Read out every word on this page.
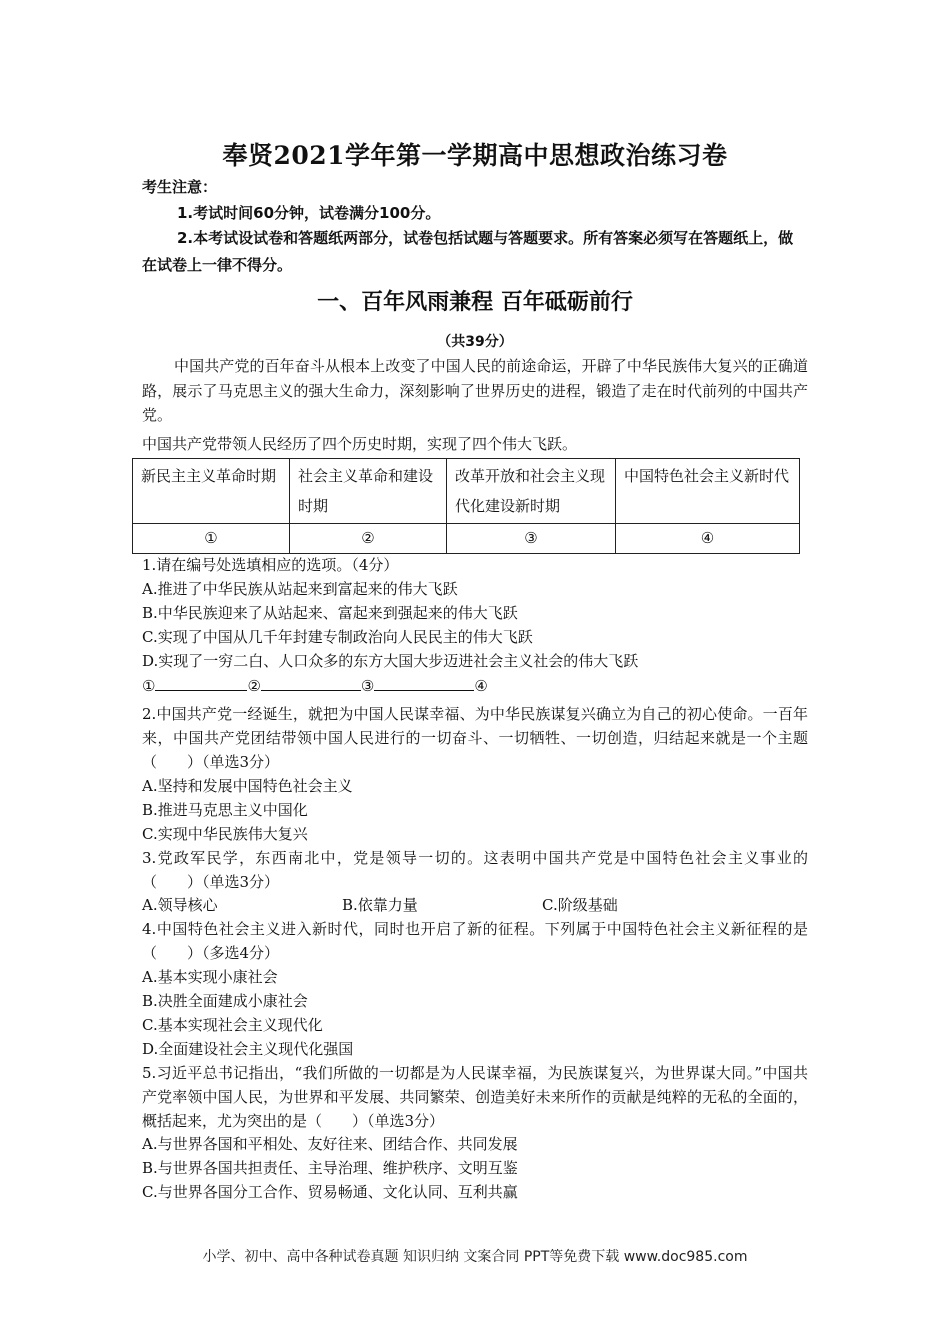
奉贤2021学年第一学期高中思想政治练习卷
考生注意：
1.考试时间60分钟，试卷满分100分。
2.本考试设试卷和答题纸两部分，试卷包括试题与答题要求。所有答案必须写在答题纸上，做在试卷上一律不得分。
一、百年风雨兼程 百年砥砺前行
（共39分）
中国共产党的百年奋斗从根本上改变了中国人民的前途命运，开辟了中华民族伟大复兴的正确道路，展示了马克思主义的强大生命力，深刻影响了世界历史的进程，锻造了走在时代前列的中国共产党。
中国共产党带领人民经历了四个历史时期，实现了四个伟大飞跃。
新民主主义革命时期	社会主义革命和建设时期	改革开放和社会主义现代化建设新时期	中国特色社会主义新时代
①	②	③	④
1.请在编号处选填相应的选项。（4分）
A.推进了中华民族从站起来到富起来的伟大飞跃
B.中华民族迎来了从站起来、富起来到强起来的伟大飞跃
C.实现了中国从几千年封建专制政治向人民民主的伟大飞跃
D.实现了一穷二白、人口众多的东方大国大步迈进社会主义社会的伟大飞跃
①	②	③	④
2.中国共产党一经诞生，就把为中国人民谋幸福、为中华民族谋复兴确立为自己的初心使命。一百年来，中国共产党团结带领中国人民进行的一切奋斗、一切牺牲、一切创造，归结起来就是一个主题（　　）（单选3分）
A.坚持和发展中国特色社会主义
B.推进马克思主义中国化
C.实现中华民族伟大复兴
3.党政军民学，东西南北中，党是领导一切的。这表明中国共产党是中国特色社会主义事业的（　　）（单选3分）
A.领导核心	B.依靠力量	C.阶级基础
4.中国特色社会主义进入新时代，同时也开启了新的征程。下列属于中国特色社会主义新征程的是（　　）（多选4分）
A.基本实现小康社会
B.决胜全面建成小康社会
C.基本实现社会主义现代化
D.全面建设社会主义现代化强国
5.习近平总书记指出，“我们所做的一切都是为人民谋幸福，为民族谋复兴，为世界谋大同。”中国共产党率领中国人民，为世界和平发展、共同繁荣、创造美好未来所作的贡献是纯粹的无私的全面的，概括起来，尤为突出的是（　　）（单选3分）
A.与世界各国和平相处、友好往来、团结合作、共同发展
B.与世界各国共担责任、主导治理、维护秩序、文明互鉴
C.与世界各国分工合作、贸易畅通、文化认同、互利共赢
小学、初中、高中各种试卷真题 知识归纳 文案合同 PPT等免费下载 www.doc985.com
